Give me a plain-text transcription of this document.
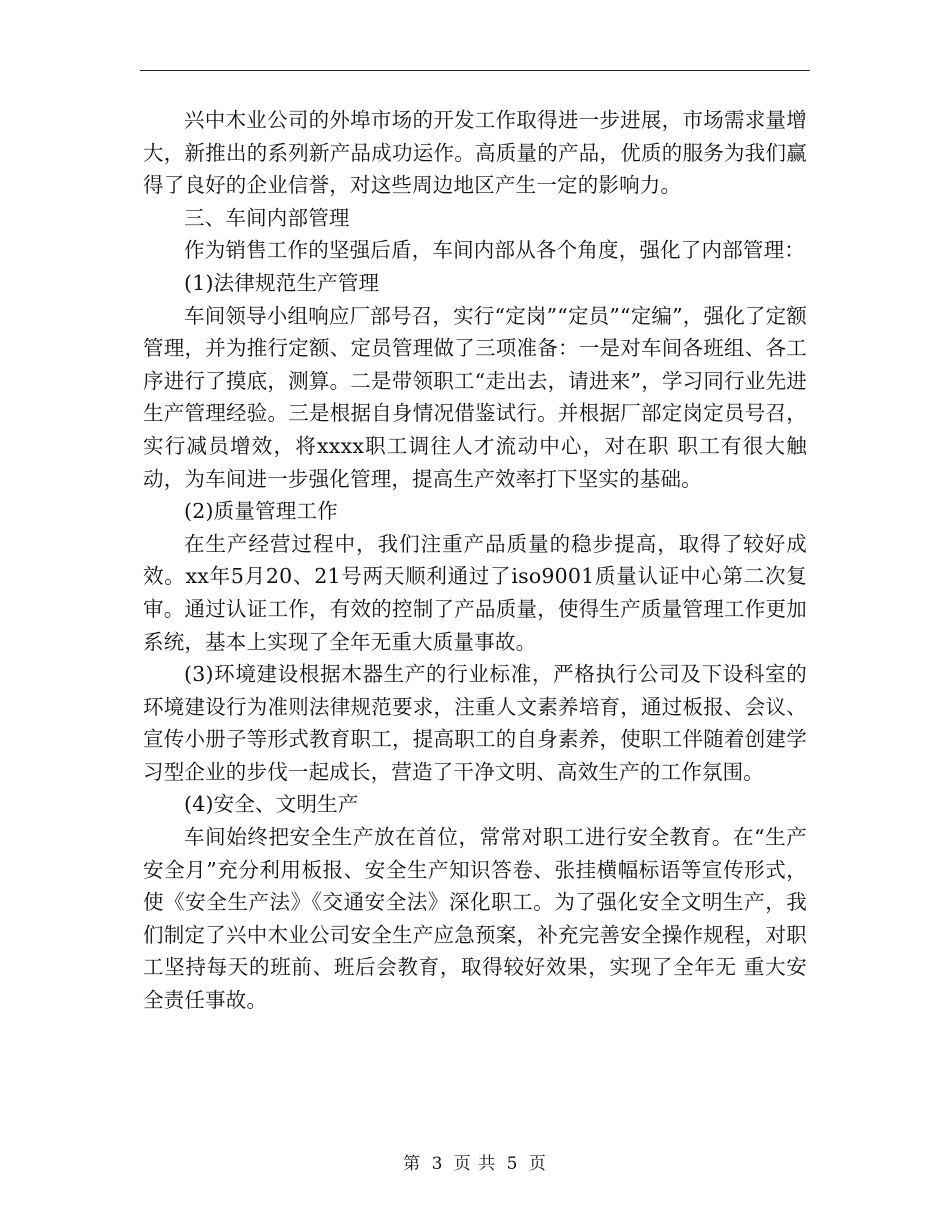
兴中木业公司的外埠市场的开发工作取得进一步进展，市场需求量增大，新推出的系列新产品成功运作。高质量的产品，优质的服务为我们赢得了良好的企业信誉，对这些周边地区产生一定的影响力。

三、车间内部管理

作为销售工作的坚强后盾，车间内部从各个角度，强化了内部管理：

(1)法律规范生产管理

车间领导小组响应厂部号召，实行“定岗”“定员”“定编”，强化了定额管理，并为推行定额、定员管理做了三项准备：一是对车间各班组、各工序进行了摸底，测算。二是带领职工“走出去，请进来”，学习同行业先进生产管理经验。三是根据自身情况借鉴试行。并根据厂部定岗定员号召，实行减员增效，将xxxx职工调往人才流动中心，对在职 职工有很大触动，为车间进一步强化管理，提高生产效率打下坚实的基础。

(2)质量管理工作

在生产经营过程中，我们注重产品质量的稳步提高，取得了较好成效。xx年5月20、21号两天顺利通过了iso9001质量认证中心第二次复审。通过认证工作，有效的控制了产品质量，使得生产质量管理工作更加系统，基本上实现了全年无重大质量事故。

(3)环境建设根据木器生产的行业标准，严格执行公司及下设科室的环境建设行为准则法律规范要求，注重人文素养培育，通过板报、会议、宣传小册子等形式教育职工，提高职工的自身素养，使职工伴随着创建学习型企业的步伐一起成长，营造了干净文明、高效生产的工作氛围。

(4)安全、文明生产

车间始终把安全生产放在首位，常常对职工进行安全教育。在“生产安全月”充分利用板报、安全生产知识答卷、张挂横幅标语等宣传形式，使《安全生产法》《交通安全法》深化职工。为了强化安全文明生产，我们制定了兴中木业公司安全生产应急预案，补充完善安全操作规程，对职工坚持每天的班前、班后会教育，取得较好效果，实现了全年无 重大安全责任事故。

第 3 页 共 5 页
